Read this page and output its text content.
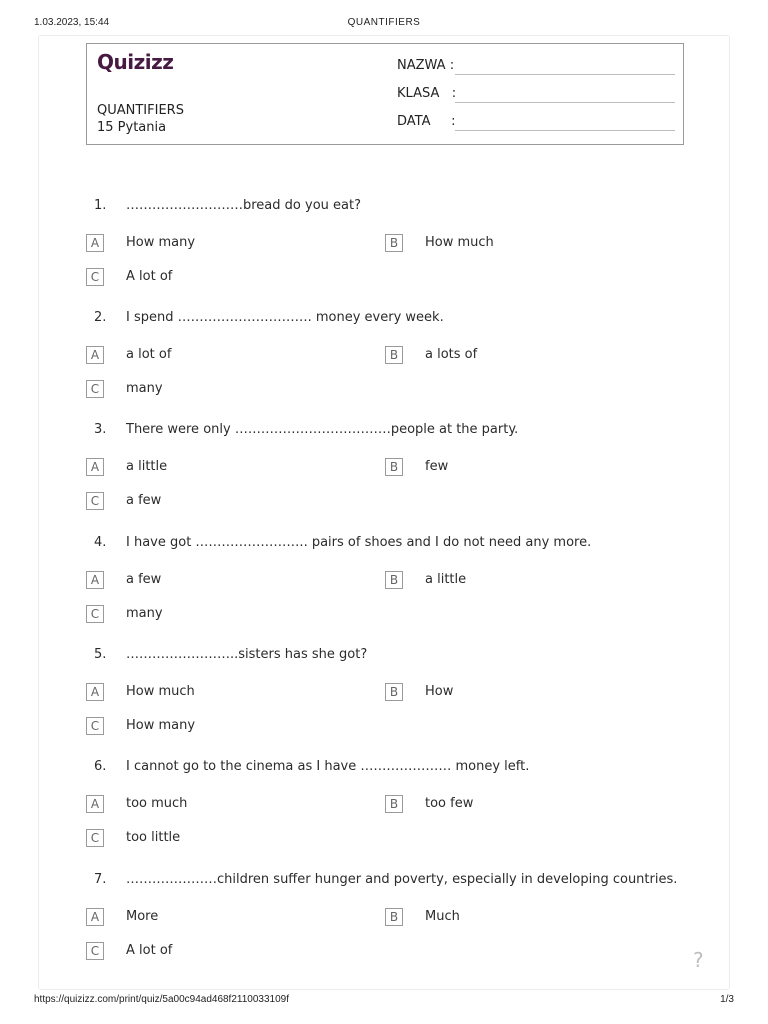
1.03.2023, 15:44	QUANTIFIERS
Quizizz
QUANTIFIERS
15 Pytania
NAZWA :
KLASA   :
DATA     :
1. ………………………bread do you eat?
A	How many	B	How much
C	A lot of
2. I spend …………………………. money every week.
A	a lot of	B	a lots of
C	many
3. There were only ………………………………people at the party.
A	a little	B	few
C	a few
4. I have got …………………….. pairs of shoes and I do not need any more.
A	a few	B	a little
C	many
5. ……………………..sisters has she got?
A	How much	B	How
C	How many
6. I cannot go to the cinema as I have ………………… money left.
A	too much	B	too few
C	too little
7. …………………children suffer hunger and poverty, especially in developing countries.
A	More	B	Much
C	A lot of	?
https://quizizz.com/print/quiz/5a00c94ad468f2110033109f	1/3
